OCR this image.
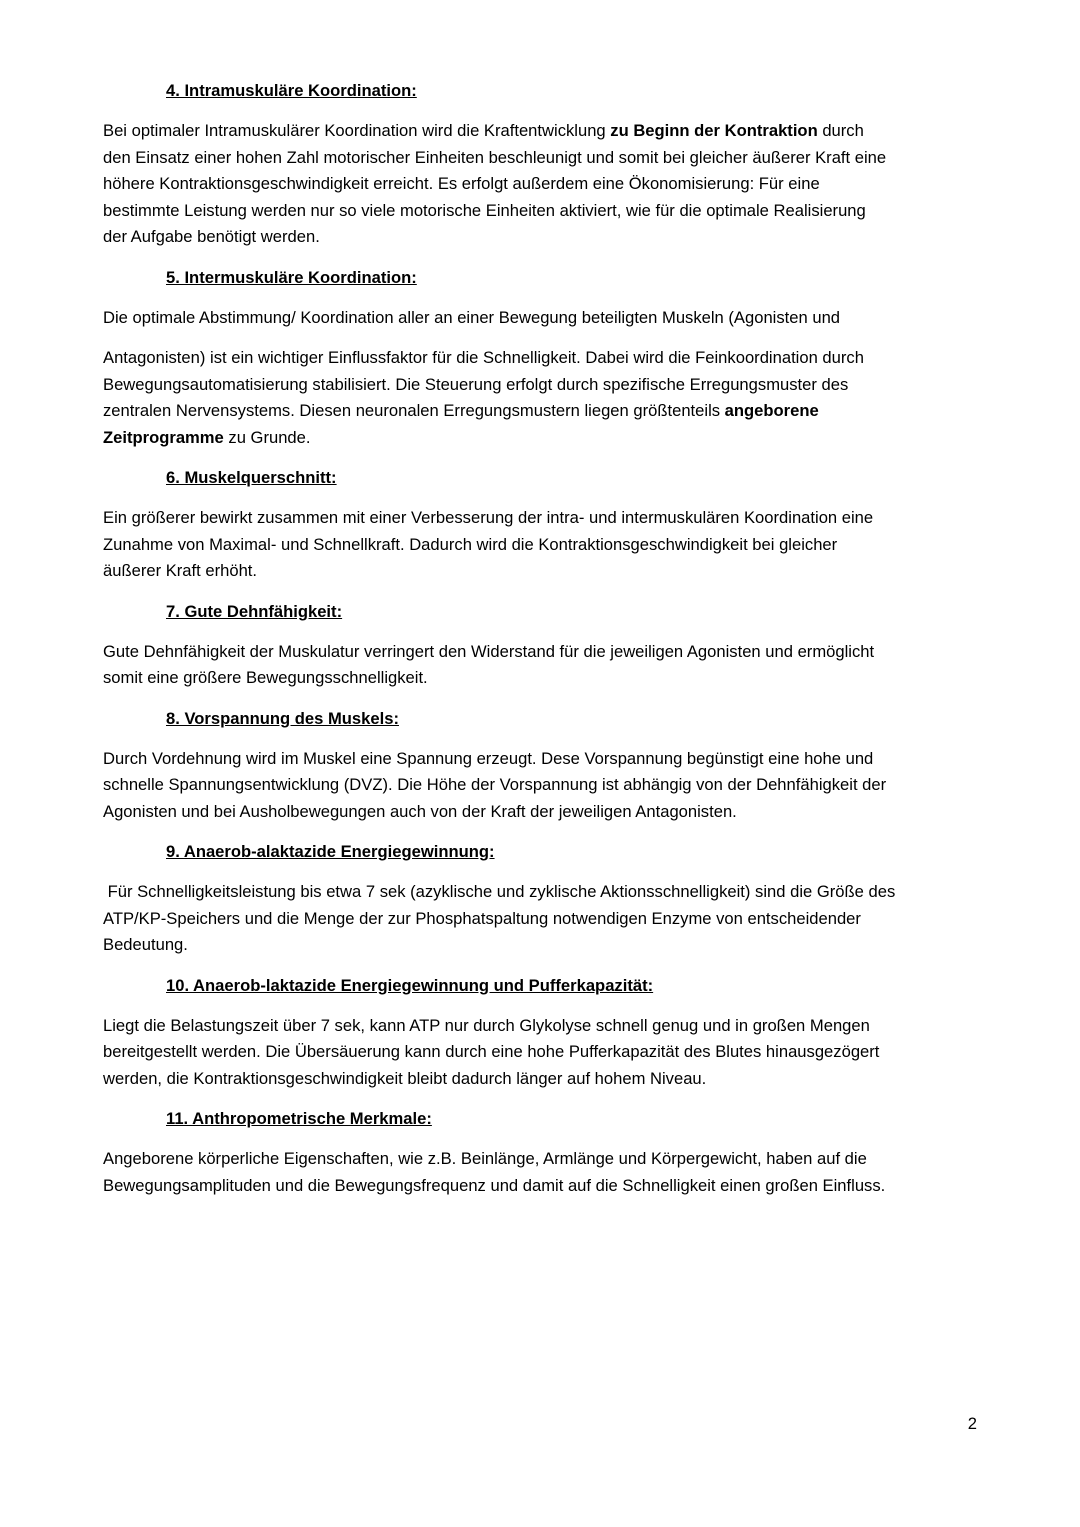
4. Intramuskuläre Koordination:
Bei optimaler Intramuskulärer Koordination wird die Kraftentwicklung zu Beginn der Kontraktion durch
den Einsatz einer hohen Zahl motorischer Einheiten beschleunigt und somit bei gleicher äußerer Kraft eine
höhere Kontraktionsgeschwindigkeit erreicht. Es erfolgt außerdem eine Ökonomisierung: Für eine
bestimmte Leistung werden nur so viele motorische Einheiten aktiviert, wie für die optimale Realisierung
der Aufgabe benötigt werden.
5. Intermuskuläre Koordination:
Die optimale Abstimmung/ Koordination aller an einer Bewegung beteiligten Muskeln (Agonisten und
Antagonisten) ist ein wichtiger Einflussfaktor für die Schnelligkeit. Dabei wird die Feinkoordination durch
Bewegungsautomatisierung stabilisiert. Die Steuerung erfolgt durch spezifische Erregungsmuster des
zentralen Nervensystems. Diesen neuronalen Erregungsmustern liegen größtenteils angeborene
Zeitprogramme zu Grunde.
6. Muskelquerschnitt:
Ein größerer bewirkt zusammen mit einer Verbesserung der intra- und intermuskulären Koordination eine
Zunahme von Maximal- und Schnellkraft. Dadurch wird die Kontraktionsgeschwindigkeit bei gleicher
äußerer Kraft erhöht.
7. Gute Dehnfähigkeit:
Gute Dehnfähigkeit der Muskulatur verringert den Widerstand für die jeweiligen Agonisten und ermöglicht
somit eine größere Bewegungsschnelligkeit.
8. Vorspannung des Muskels:
Durch Vordehnung wird im Muskel eine Spannung erzeugt. Dese Vorspannung begünstigt eine hohe und
schnelle Spannungsentwicklung (DVZ). Die Höhe der Vorspannung ist abhängig von der Dehnfähigkeit der
Agonisten und bei Ausholbewegungen auch von der Kraft der jeweiligen Antagonisten.
9. Anaerob-alaktazide Energiegewinnung:
Für Schnelligkeitsleistung bis etwa 7 sek (azyklische und zyklische Aktionsschnelligkeit) sind die Größe des
ATP/KP-Speichers und die Menge der zur Phosphatspaltung notwendigen Enzyme von entscheidender
Bedeutung.
10. Anaerob-laktazide Energiegewinnung und Pufferkapazität:
Liegt die Belastungszeit über 7 sek, kann ATP nur durch Glykolyse schnell genug und in großen Mengen
bereitgestellt werden. Die Übersäuerung kann durch eine hohe Pufferkapazität des Blutes hinausgezögert
werden, die Kontraktionsgeschwindigkeit bleibt dadurch länger auf hohem Niveau.
11. Anthropometrische Merkmale:
Angeborene körperliche Eigenschaften, wie z.B. Beinlänge, Armlänge und Körpergewicht, haben auf die
Bewegungsamplituden und die Bewegungsfrequenz und damit auf die Schnelligkeit einen großen Einfluss.
2
